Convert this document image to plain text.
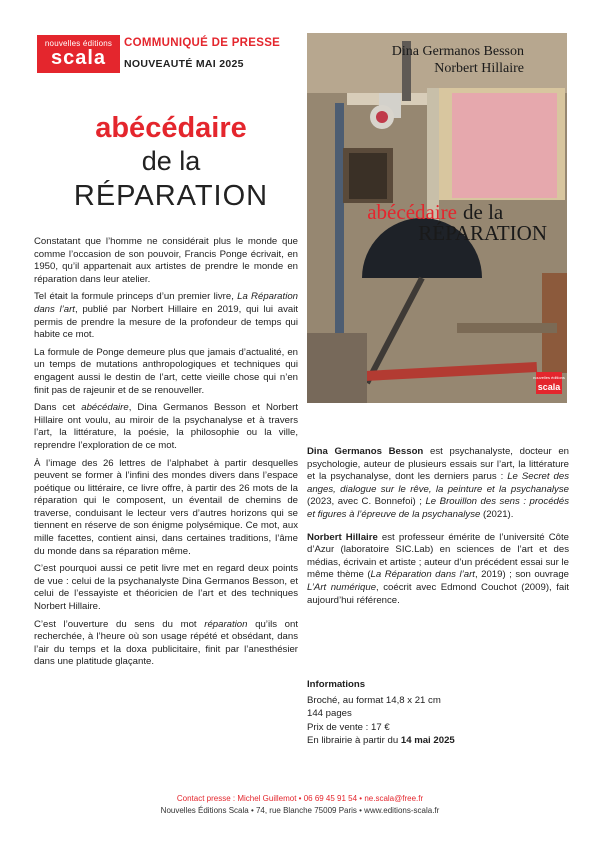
nouvelles éditions
scala
COMMUNIQUÉ DE PRESSE
NOUVEAUTÉ MAI 2025
abécédaire
de la
RÉPARATION
nouvelles éditions
scala
Dina Germanos Besson
Norbert Hillaire
abécédaire de la
RÉPARATION

Constatant que l’homme ne considérait plus le monde que comme l’occasion de son pouvoir, Francis Ponge écrivait, en 1950, qu’il appartenait aux artistes de prendre le monde en réparation dans leur atelier.

Tel était la formule princeps d’un premier livre, La Réparation dans l’art, publié par Norbert Hillaire en 2019, qui lui avait permis de prendre la mesure de la profondeur de temps qui habite ce mot.

La formule de Ponge demeure plus que jamais d’actualité, en un temps de mutations anthropologiques et techniques qui engagent aussi le destin de l’art, cette vieille chose qui n’en finit pas de rajeunir et de se renouveller.

Dans cet abécédaire, Dina Germanos Besson et Norbert Hillaire ont voulu, au miroir de la psychanalyse et à travers l’art, la littérature, la poésie, la philosophie ou la ville, reprendre l’exploration de ce mot.

À l’image des 26 lettres de l’alphabet à partir desquelles peuvent se former à l’infini des mondes divers dans l’espace poétique ou littéraire, ce livre offre, à partir des 26 mots de la réparation qui le composent, un éventail de chemins de traverse, conduisant le lecteur vers d’autres horizons qui se tiennent en réserve de son énigme polysémique. Ce mot, aux mille facettes, contient ainsi, dans certaines traditions, l’âme du monde dans sa réparation même.

C’est pourquoi aussi ce petit livre met en regard deux points de vue : celui de la psychanalyste Dina Germanos Besson, et celui de l’essayiste et théoricien de l’art et des techniques Norbert Hillaire.

C’est l’ouverture du sens du mot réparation qu’ils ont recherchée, à l’heure où son usage répété et obsédant, dans l’air du temps et la doxa publicitaire, finit par l’anesthésier dans une platitude glaçante.

Dina Germanos Besson est psychanalyste, docteur en psychologie, auteur de plusieurs essais sur l’art, la littérature et la psychanalyse, dont les derniers parus : Le Secret des anges, dialogue sur le rêve, la peinture et la psychanalyse (2023, avec C. Bonnefoi) ; Le Brouillon des sens : procédés et figures à l’épreuve de la psychanalyse (2021).

Norbert Hillaire est professeur émérite de l’université Côte d’Azur (laboratoire SIC.Lab) en sciences de l’art et des médias, écrivain et artiste ; auteur d’un précédent essai sur le même thème (La Réparation dans l’art, 2019) ; son ouvrage L’Art numérique, coécrit avec Edmond Couchot (2009), fait aujourd’hui référence.

Informations
Broché, au format 14,8 x 21 cm
144 pages
Prix de vente : 17 €
En librairie à partir du 14 mai 2025
Contact presse : Michel Guillemot • 06 69 45 91 54 • ne.scala@free.fr
Nouvelles Éditions Scala • 74, rue Blanche 75009 Paris • www.editions-scala.fr
